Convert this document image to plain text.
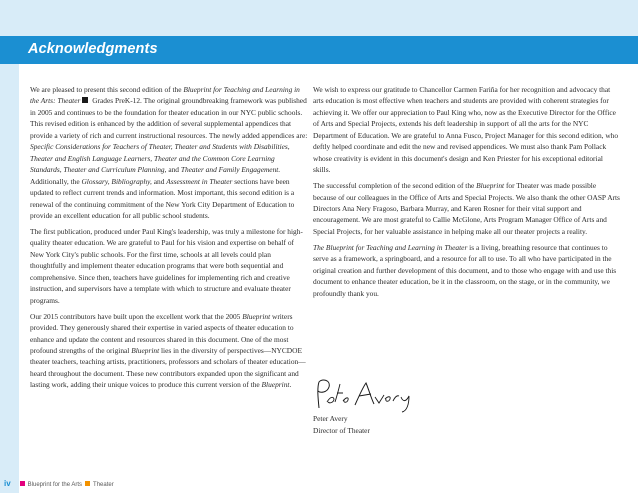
Acknowledgments

We are pleased to present this second edition of the Blueprint for Teaching and Learning in the Arts: Theater Grades PreK-12. The original groundbreaking framework was published in 2005 and continues to be the foundation for theater education in our NYC public schools. This revised edition is enhanced by the addition of several supplemental appendices that provide a variety of rich and current instructional resources. The newly added appendices are: Specific Considerations for Teachers of Theater, Theater and Students with Disabilities, Theater and English Language Learners, Theater and the Common Core Learning Standards, Theater and Curriculum Planning, and Theater and Family Engagement. Additionally, the Glossary, Bibliography, and Assessment in Theater sections have been updated to reflect current trends and information. Most important, this second edition is a renewal of the continuing commitment of the New York City Department of Education to provide an excellent education for all public school students.

The first publication, produced under Paul King's leadership, was truly a milestone for high-quality theater education. We are grateful to Paul for his vision and expertise on behalf of New York City's public schools. For the first time, schools at all levels could plan thoughtfully and implement theater education programs that were both sequential and comprehensive. Since then, teachers have guidelines for implementing rich and creative instruction, and supervisors have a template with which to structure and evaluate theater programs.

Our 2015 contributors have built upon the excellent work that the 2005 Blueprint writers provided. They generously shared their expertise in varied aspects of theater education to enhance and update the content and resources shared in this document. One of the most profound strengths of the original Blueprint lies in the diversity of perspectives—NYCDOE theater teachers, teaching artists, practitioners, professors and scholars of theater education—heard throughout the document. These new contributors expanded upon the significant and lasting work, adding their unique voices to produce this current version of the Blueprint.

We wish to express our gratitude to Chancellor Carmen Fariña for her recognition and advocacy that arts education is most effective when teachers and students are provided with coherent strategies for achieving it. We offer our appreciation to Paul King who, now as the Executive Director for the Office of Arts and Special Projects, extends his deft leadership in support of all the arts for the NYC Department of Education. We are grateful to Anna Fusco, Project Manager for this second edition, who deftly helped coordinate and edit the new and revised appendices. We must also thank Pam Pollack whose creativity is evident in this document's design and Ken Priester for his exceptional editorial skills.

The successful completion of the second edition of the Blueprint for Theater was made possible because of our colleagues in the Office of Arts and Special Projects. We also thank the other OASP Arts Directors Ana Nery Fragoso, Barbara Murray, and Karen Rosner for their vital support and encouragement. We are most grateful to Callie McGlone, Arts Program Manager Office of Arts and Special Projects, for her valuable assistance in helping make all our theater projects a reality.

The Blueprint for Teaching and Learning in Theater is a living, breathing resource that continues to serve as a framework, a springboard, and a resource for all to use. To all who have participated in the original creation and further development of this document, and to those who engage with and use this document to enhance theater education, be it in the classroom, on the stage, or in the community, we profoundly thank you.

Peter Avery
Director of Theater
iv	Blueprint for the Arts Theater
